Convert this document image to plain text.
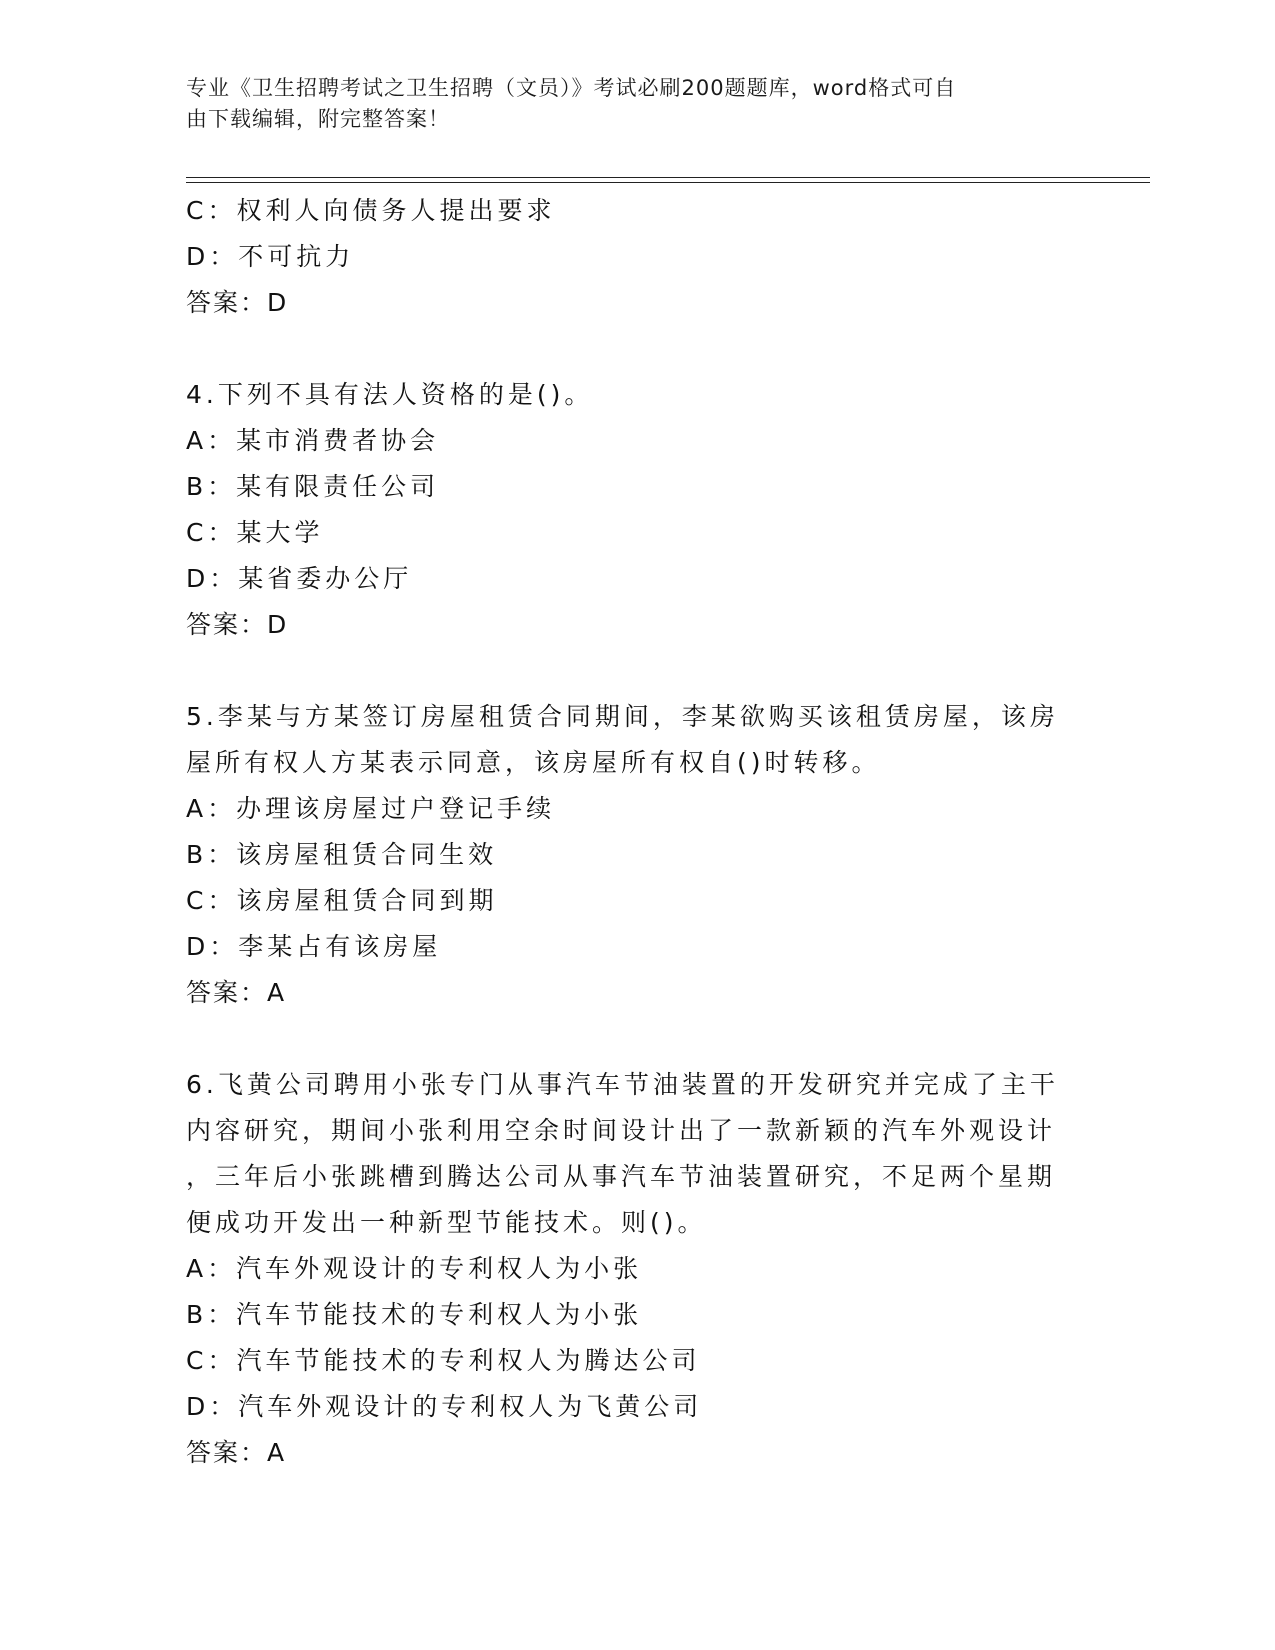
专业《卫生招聘考试之卫生招聘（文员）》考试必刷200题题库，word格式可自
由下载编辑，附完整答案！

C：权利人向债务人提出要求

D：不可抗力

答案：D

4.下列不具有法人资格的是()。

A：某市消费者协会

B：某有限责任公司

C：某大学

D：某省委办公厅

答案：D

5.李某与方某签订房屋租赁合同期间，李某欲购买该租赁房屋，该房

屋所有权人方某表示同意，该房屋所有权自()时转移。

A：办理该房屋过户登记手续

B：该房屋租赁合同生效

C：该房屋租赁合同到期

D：李某占有该房屋

答案：A

6.飞黄公司聘用小张专门从事汽车节油装置的开发研究并完成了主干

内容研究，期间小张利用空余时间设计出了一款新颖的汽车外观设计

，三年后小张跳槽到腾达公司从事汽车节油装置研究，不足两个星期

便成功开发出一种新型节能技术。则()。

A：汽车外观设计的专利权人为小张

B：汽车节能技术的专利权人为小张

C：汽车节能技术的专利权人为腾达公司

D：汽车外观设计的专利权人为飞黄公司

答案：A
